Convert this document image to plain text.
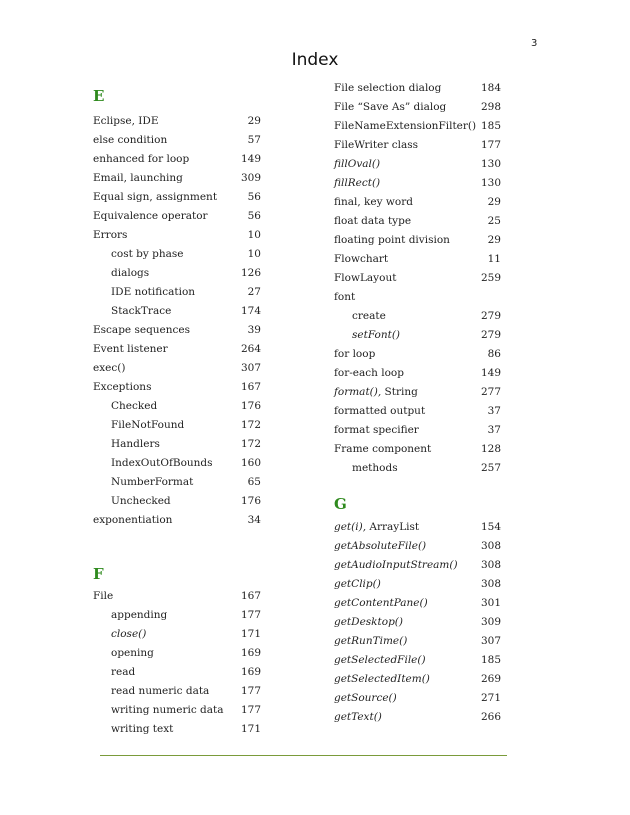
3
Index
E
Eclipse, IDE	29
else condition	57
enhanced for loop	149
Email, launching	309
Equal sign, assignment	56
Equivalence operator	56
Errors	10
cost by phase	10
dialogs	126
IDE notification	27
StackTrace	174
Escape sequences	39
Event listener	264
exec()	307
Exceptions	167
Checked	176
FileNotFound	172
Handlers	172
IndexOutOfBounds	160
NumberFormat	65
Unchecked	176
exponentiation	34
F
File	167
appending	177
close()	171
opening	169
read	169
read numeric data	177
writing numeric data 177
writing text	171
File selection dialog	184
File “Save As” dialog	298
FileNameExtensionFilter() 185
FileWriter class	177
fillOval()	130
fillRect()	130
final, key word	29
float data type	25
floating point division	29
Flowchart	11
FlowLayout	259
font
create	279
setFont()	279
for loop	86
for-each loop	149
format(), String	277
formatted output	37
format specifier	37
Frame component	128
methods	257
G
get(i), ArrayList	154
getAbsoluteFile()	308
getAudioInputStream() 308
getClip()	308
getContentPane()	301
getDesktop()	309
getRunTime()	307
getSelectedFile()	185
getSelectedItem()	269
getSource()	271
getText()	266
